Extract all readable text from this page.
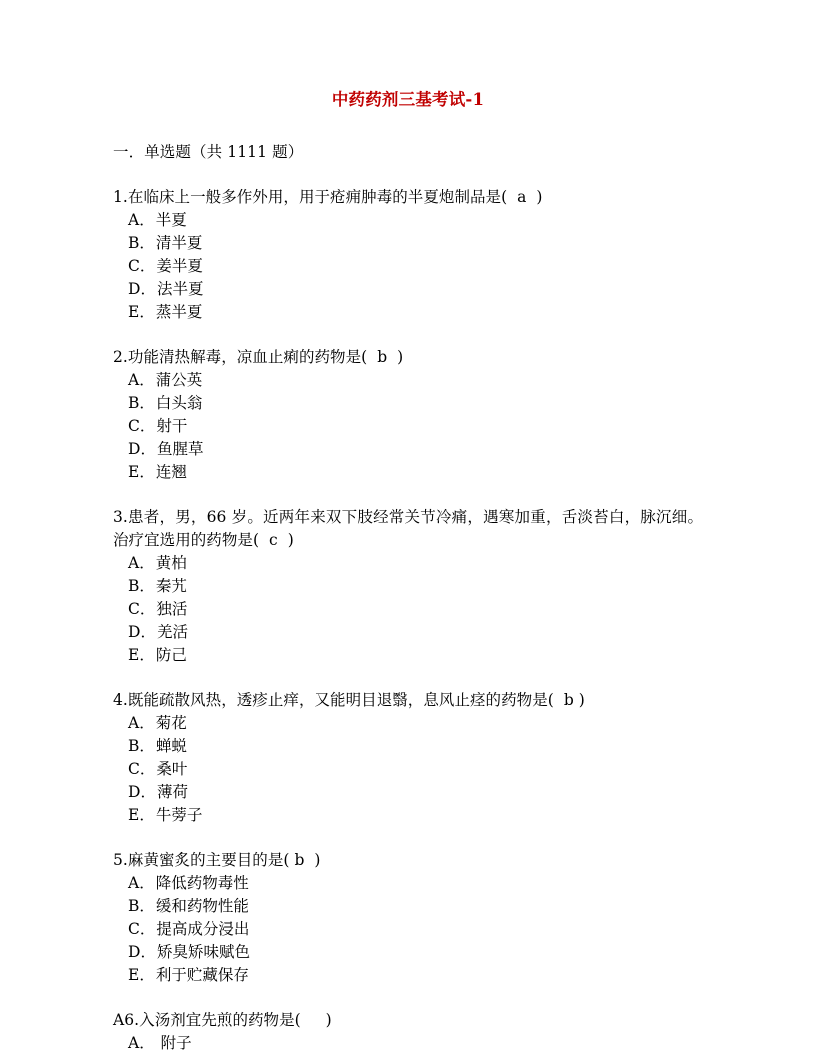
中药药剂三基考试-1

一．单选题（共 1111 题）

1.在临床上一般多作外用，用于疮痈肿毒的半夏炮制品是(  a  )

A． 半夏
B． 清半夏
C． 姜半夏
D． 法半夏
E． 蒸半夏

2.功能清热解毒，凉血止痢的药物是(  b  )

A． 蒲公英
B． 白头翁
C． 射干
D． 鱼腥草
E． 连翘

3.患者，男，66 岁。近两年来双下肢经常关节冷痛，遇寒加重，舌淡苔白，脉沉细。治疗宜选用的药物是(  c  )

A． 黄柏
B． 秦艽
C． 独活
D． 羌活
E． 防己

4.既能疏散风热，透疹止痒，又能明目退翳，息风止痉的药物是(  b )

A． 菊花
B． 蝉蜕
C． 桑叶
D． 薄荷
E． 牛蒡子

5.麻黄蜜炙的主要目的是( b  )

A． 降低药物毒性
B． 缓和药物性能
C． 提高成分浸出
D． 矫臭矫味赋色
E． 利于贮藏保存

A6.入汤剂宜先煎的药物是( )

A． 附子
